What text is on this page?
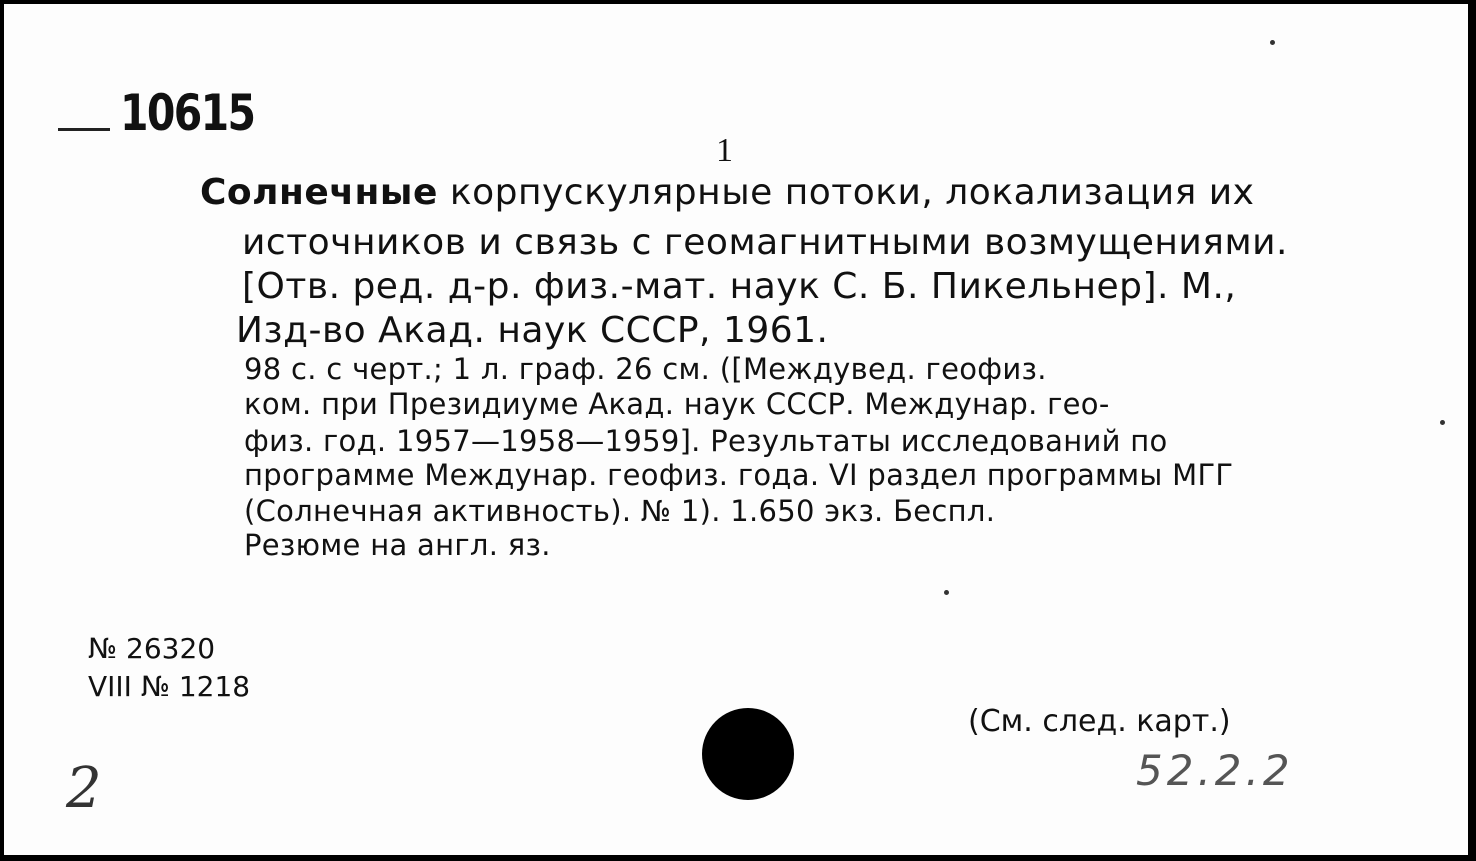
10615
1
Солнечные корпускулярные потоки, локализация их
источников и связь с геомагнитными возмущениями.
[Отв. ред. д-р. физ.-мат. наук С. Б. Пикельнер]. М.,
Изд-во Акад. наук СССР, 1961.
98 с. с черт.; 1 л. граф. 26 см. ([Междувед. геофиз.
ком. при Президиуме Акад. наук СССР. Междунар. гео-
физ. год. 1957—1958—1959]. Результаты исследований по
программе Междунар. геофиз. года. VI раздел программы МГГ
(Солнечная активность). № 1). 1.650 экз. Беспл.
Резюме на англ. яз.
№ 26320
VIII № 1218
2
(См. след. карт.)
52.2.2
